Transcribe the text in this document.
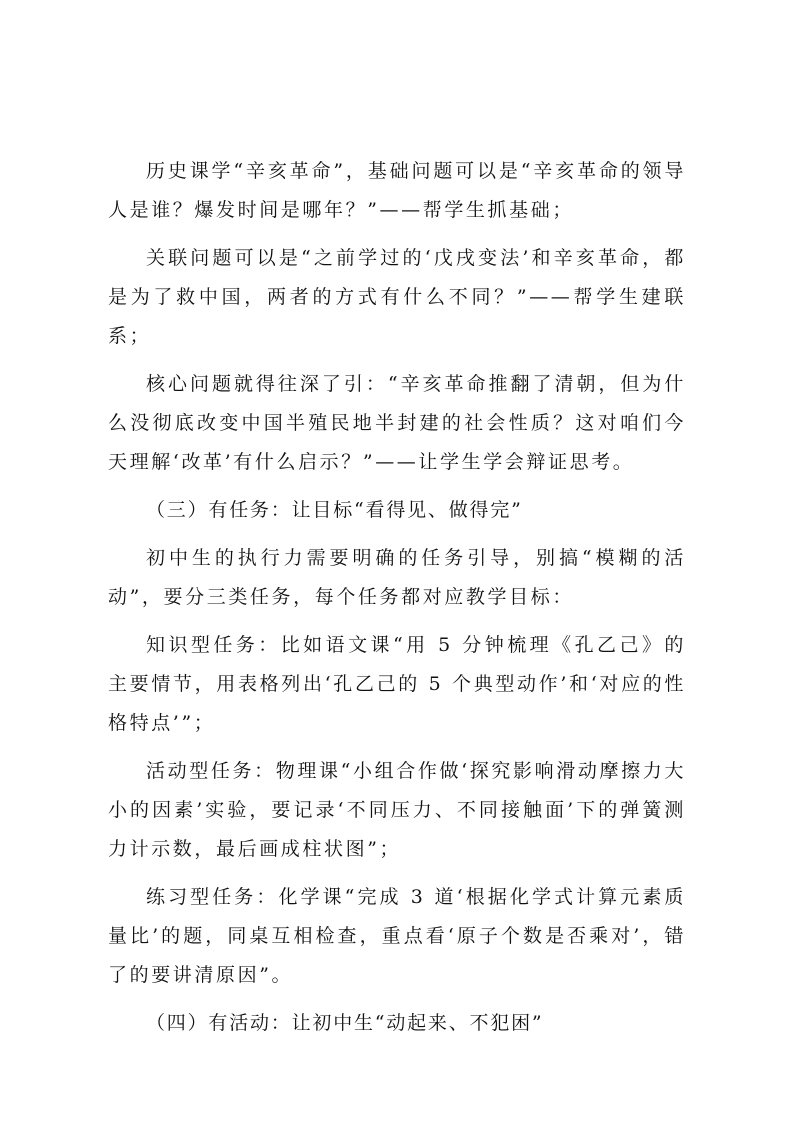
历史课学“辛亥革命”，基础问题可以是“辛亥革命的领导人是谁？爆发时间是哪年？”——帮学生抓基础；

关联问题可以是“之前学过的‘戊戌变法’和辛亥革命，都是为了救中国，两者的方式有什么不同？”——帮学生建联系；

核心问题就得往深了引：“辛亥革命推翻了清朝，但为什么没彻底改变中国半殖民地半封建的社会性质？这对咱们今天理解‘改革’有什么启示？”——让学生学会辩证思考。

（三）有任务：让目标“看得见、做得完”

初中生的执行力需要明确的任务引导，别搞“模糊的活动”，要分三类任务，每个任务都对应教学目标：

知识型任务：比如语文课“用 5 分钟梳理《孔乙己》的主要情节，用表格列出‘孔乙己的 5 个典型动作’和‘对应的性格特点’”；

活动型任务：物理课“小组合作做‘探究影响滑动摩擦力大小的因素’实验，要记录‘不同压力、不同接触面’下的弹簧测力计示数，最后画成柱状图”；

练习型任务：化学课“完成 3 道‘根据化学式计算元素质量比’的题，同桌互相检查，重点看‘原子个数是否乘对’，错了的要讲清原因”。

（四）有活动：让初中生“动起来、不犯困”
